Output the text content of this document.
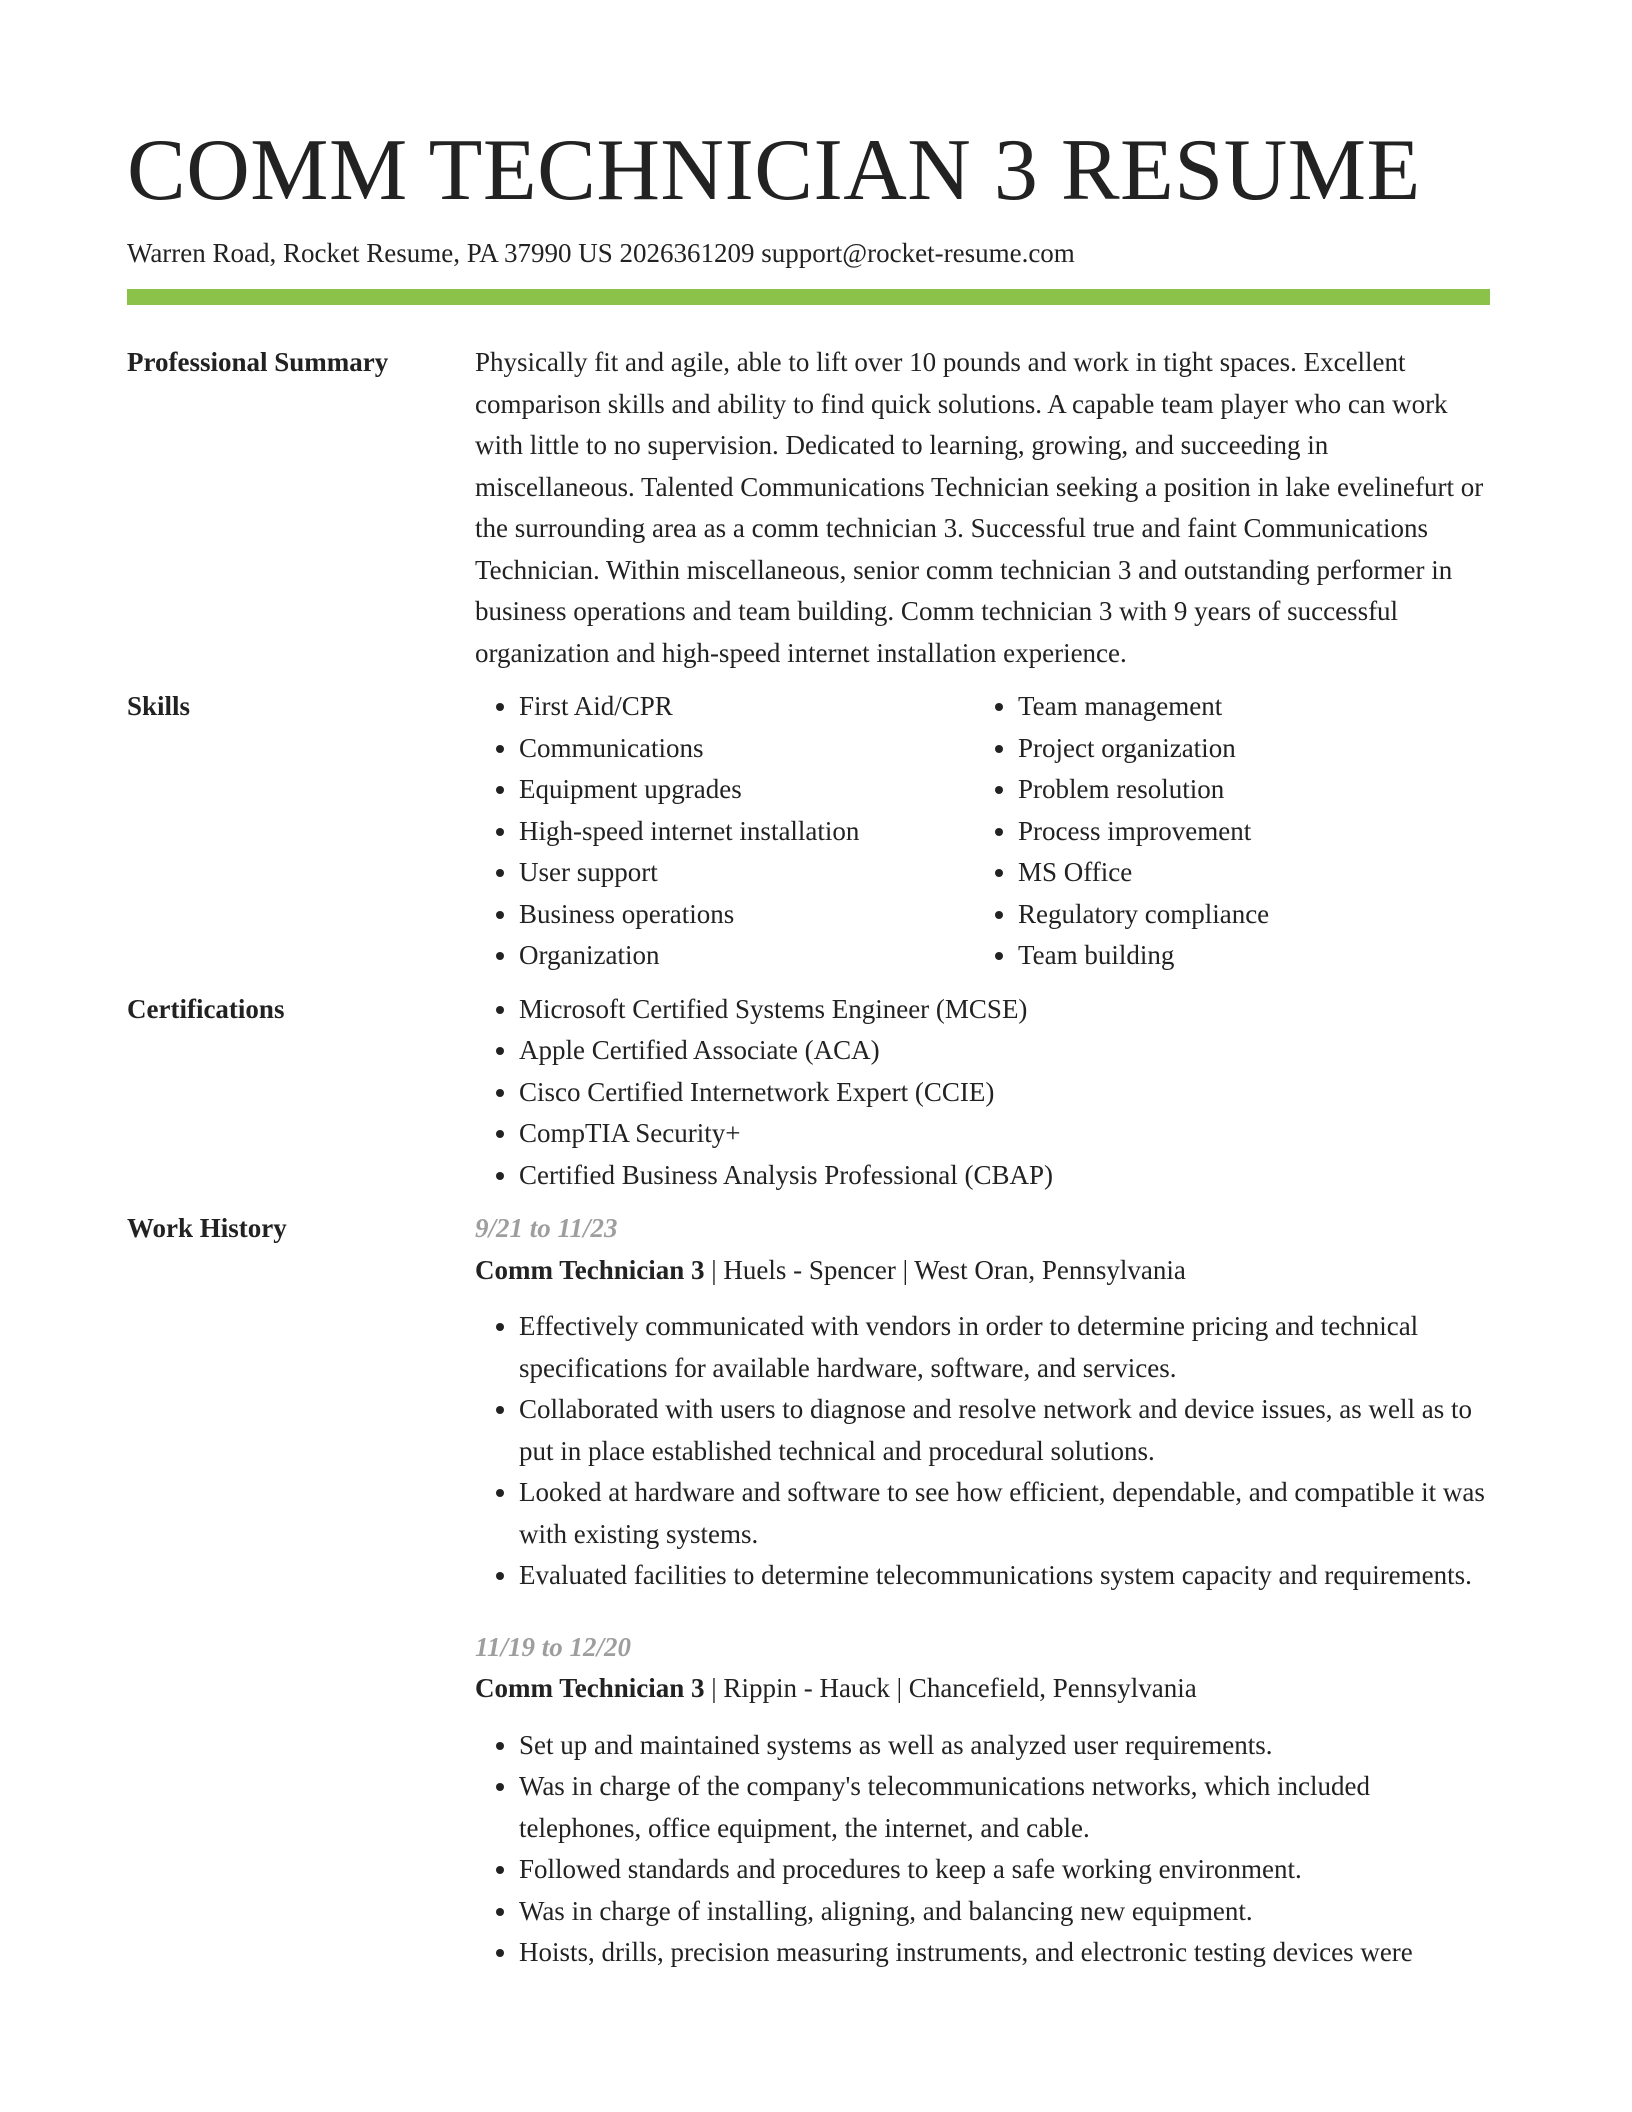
COMM TECHNICIAN 3 RESUME
Warren Road, Rocket Resume, PA 37990 US 2026361209 support@rocket-resume.com
Professional Summary	Physically fit and agile, able to lift over 10 pounds and work in tight spaces. Excellent comparison skills and ability to find quick solutions. A capable team player who can work with little to no supervision. Dedicated to learning, growing, and succeeding in miscellaneous. Talented Communications Technician seeking a position in lake evelinefurt or the surrounding area as a comm technician 3. Successful true and faint Communications Technician. Within miscellaneous, senior comm technician 3 and outstanding performer in business operations and team building. Comm technician 3 with 9 years of successful organization and high-speed internet installation experience.

Skills	• First Aid/CPR
• Communications
• Equipment upgrades
• High-speed internet installation
• User support
• Business operations
• Organization
• Team management
• Project organization
• Problem resolution
• Process improvement
• MS Office
• Regulatory compliance
• Team building
Certifications	• Microsoft Certified Systems Engineer (MCSE)
• Apple Certified Associate (ACA)
• Cisco Certified Internetwork Expert (CCIE)
• CompTIA Security+
• Certified Business Analysis Professional (CBAP)
Work History	9/21 to 11/23
Comm Technician 3 | Huels - Spencer | West Oran, Pennsylvania
• Effectively communicated with vendors in order to determine pricing and technical specifications for available hardware, software, and services.
• Collaborated with users to diagnose and resolve network and device issues, as well as to put in place established technical and procedural solutions.
• Looked at hardware and software to see how efficient, dependable, and compatible it was with existing systems.
• Evaluated facilities to determine telecommunications system capacity and requirements.
11/19 to 12/20
Comm Technician 3 | Rippin - Hauck | Chancefield, Pennsylvania
• Set up and maintained systems as well as analyzed user requirements.
• Was in charge of the company's telecommunications networks, which included telephones, office equipment, the internet, and cable.
• Followed standards and procedures to keep a safe working environment.
• Was in charge of installing, aligning, and balancing new equipment.
• Hoists, drills, precision measuring instruments, and electronic testing devices were
